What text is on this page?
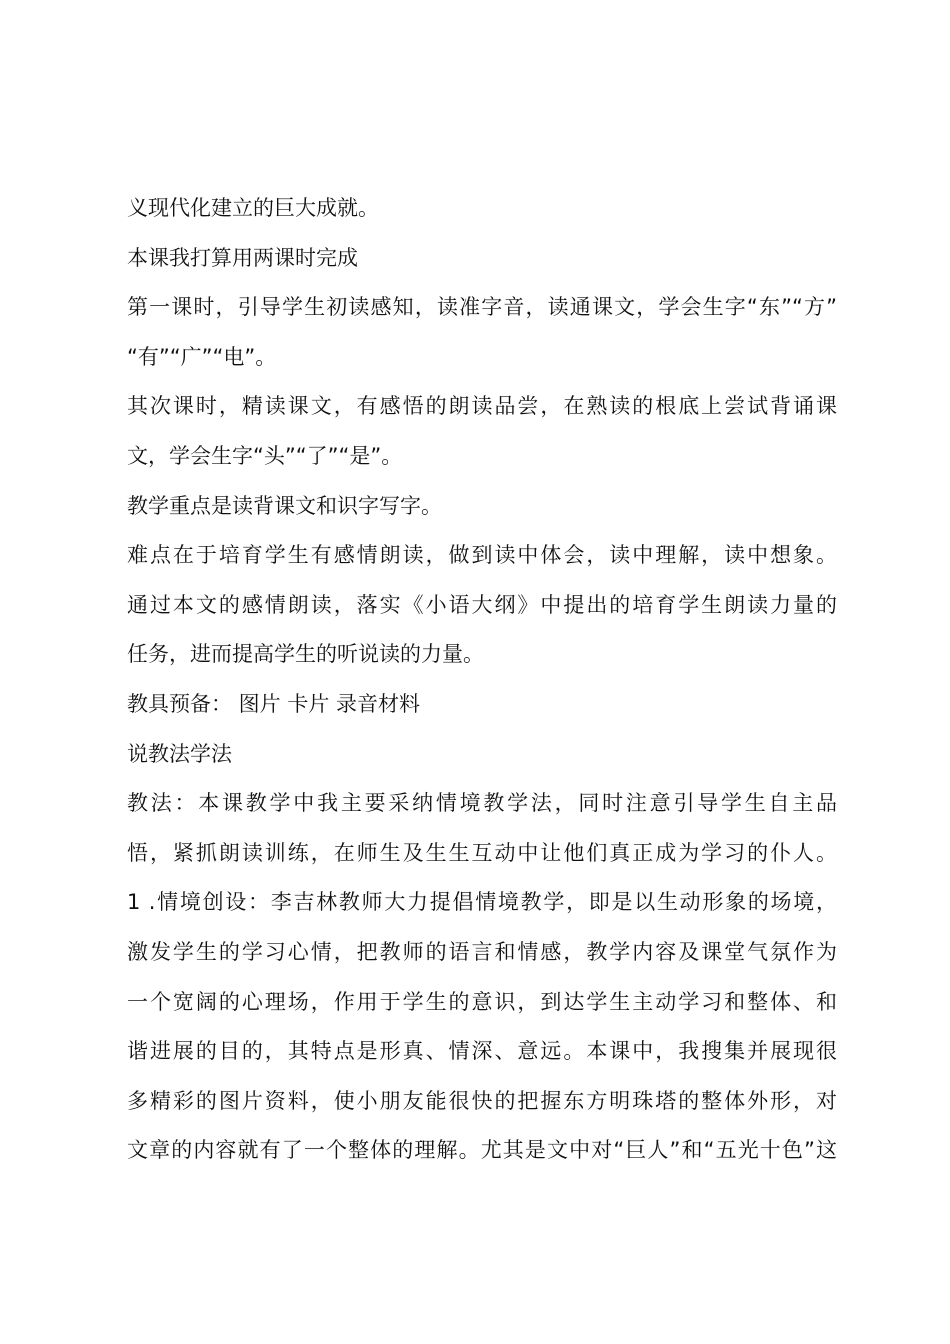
义现代化建立的巨大成就。
本课我打算用两课时完成
第一课时，引导学生初读感知，读准字音，读通课文，学会生字“东”“方”
“有”“广”“电”。
其次课时，精读课文，有感悟的朗读品尝，在熟读的根底上尝试背诵课
文，学会生字“头”“了”“是”。
教学重点是读背课文和识字写字。
难点在于培育学生有感情朗读，做到读中体会，读中理解，读中想象。
通过本文的感情朗读，落实《小语大纲》中提出的培育学生朗读力量的
任务，进而提高学生的听说读的力量。
教具预备： 图片 卡片 录音材料
说教法学法
教法：本课教学中我主要采纳情境教学法，同时注意引导学生自主品
悟，紧抓朗读训练，在师生及生生互动中让他们真正成为学习的仆人。
1 .情境创设：李吉林教师大力提倡情境教学，即是以生动形象的场境，
激发学生的学习心情，把教师的语言和情感，教学内容及课堂气氛作为
一个宽阔的心理场，作用于学生的意识，到达学生主动学习和整体、和
谐进展的目的，其特点是形真、情深、意远。本课中，我搜集并展现很
多精彩的图片资料，使小朋友能很快的把握东方明珠塔的整体外形，对
文章的内容就有了一个整体的理解。尤其是文中对“巨人”和“五光十色”这
